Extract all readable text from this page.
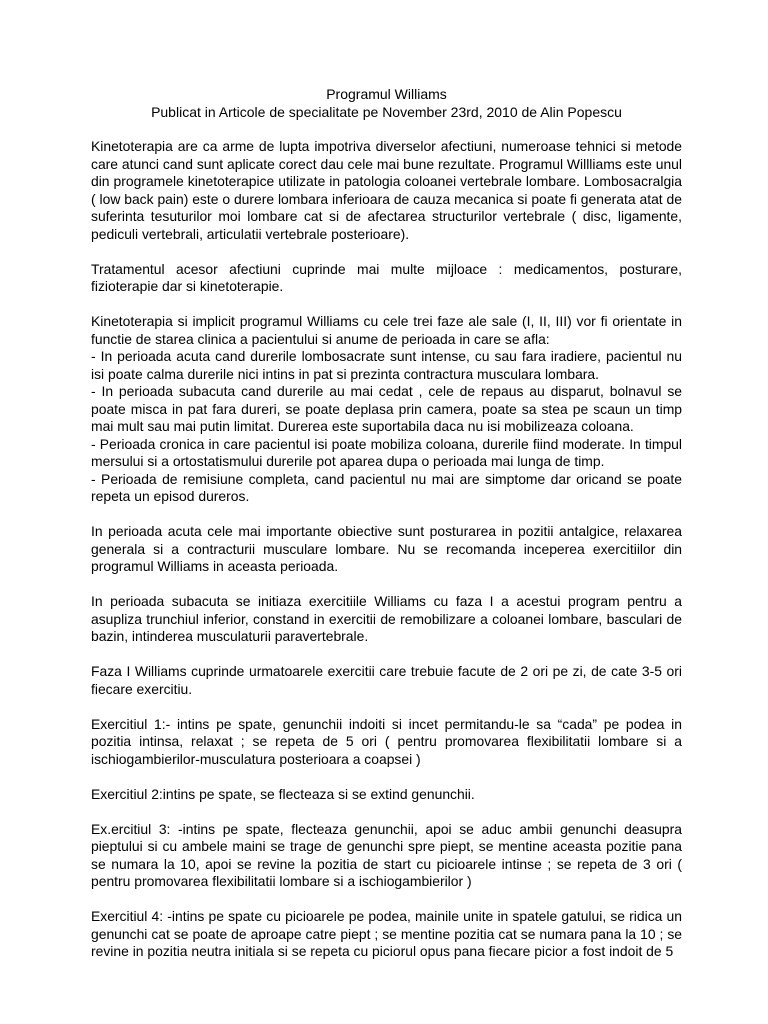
Programul Williams

Publicat in Articole de specialitate pe November 23rd, 2010 de Alin Popescu

Kinetoterapia are ca arme de lupta impotriva diverselor afectiuni, numeroase tehnici si metode care atunci cand sunt aplicate corect dau cele mai bune rezultate. Programul Willliams este unul din programele kinetoterapice utilizate in patologia coloanei vertebrale lombare. Lombosacralgia ( low back pain) este o durere lombara inferioara de cauza mecanica si poate fi generata atat de suferinta tesuturilor moi lombare cat si de afectarea structurilor vertebrale ( disc, ligamente, pediculi vertebrali, articulatii vertebrale posterioare).

Tratamentul acesor afectiuni cuprinde mai multe mijloace : medicamentos, posturare, fizioterapie dar si kinetoterapie.

Kinetoterapia si implicit programul Williams cu cele trei faze ale sale (I, II, III) vor fi orientate in functie de starea clinica a pacientului si anume de perioada in care se afla:
- In perioada acuta cand durerile lombosacrate sunt intense, cu sau fara iradiere, pacientul nu isi poate calma durerile nici intins in pat si prezinta contractura musculara lombara.
- In perioada subacuta cand durerile au mai cedat , cele de repaus au disparut, bolnavul se poate misca in pat fara dureri, se poate deplasa prin camera, poate sa stea pe scaun un timp mai mult sau mai putin limitat. Durerea este suportabila daca nu isi mobilizeaza coloana.
- Perioada cronica in care pacientul isi poate mobiliza coloana, durerile fiind moderate. In timpul mersului si a ortostatismului durerile pot aparea dupa o perioada mai lunga de timp.
- Perioada de remisiune completa, cand pacientul nu mai are simptome dar oricand se poate repeta un episod dureros.

In perioada acuta cele mai importante obiective sunt posturarea in pozitii antalgice, relaxarea generala si a contracturii musculare lombare. Nu se recomanda inceperea exercitiilor din programul Williams in aceasta perioada.

In perioada subacuta se initiaza exercitiile Williams cu faza I a acestui program pentru a asupliza trunchiul inferior, constand in exercitii de remobilizare a coloanei lombare, basculari de bazin, intinderea musculaturii paravertebrale.

Faza I Williams cuprinde urmatoarele exercitii care trebuie facute de 2 ori pe zi, de cate 3-5 ori fiecare exercitiu.

Exercitiul 1:- intins pe spate, genunchii indoiti si incet permitandu-le sa “cada” pe podea in pozitia intinsa, relaxat ; se repeta de 5 ori ( pentru promovarea flexibilitatii lombare si a ischiogambierilor-musculatura posterioara a coapsei )

Exercitiul 2:intins pe spate, se flecteaza si se extind genunchii.

Ex.ercitiul 3: -intins pe spate, flecteaza genunchii, apoi se aduc ambii genunchi deasupra pieptului si cu ambele maini se trage de genunchi spre piept, se mentine aceasta pozitie pana se numara la 10, apoi se revine la pozitia de start cu picioarele intinse ; se repeta de 3 ori ( pentru promovarea flexibilitatii lombare si a ischiogambierilor )

Exercitiul 4: -intins pe spate cu picioarele pe podea, mainile unite in spatele gatului, se ridica un genunchi cat se poate de aproape catre piept ; se mentine pozitia cat se numara pana la 10 ; se revine in pozitia neutra initiala si se repeta cu piciorul opus pana fiecare picior a fost indoit de 5
